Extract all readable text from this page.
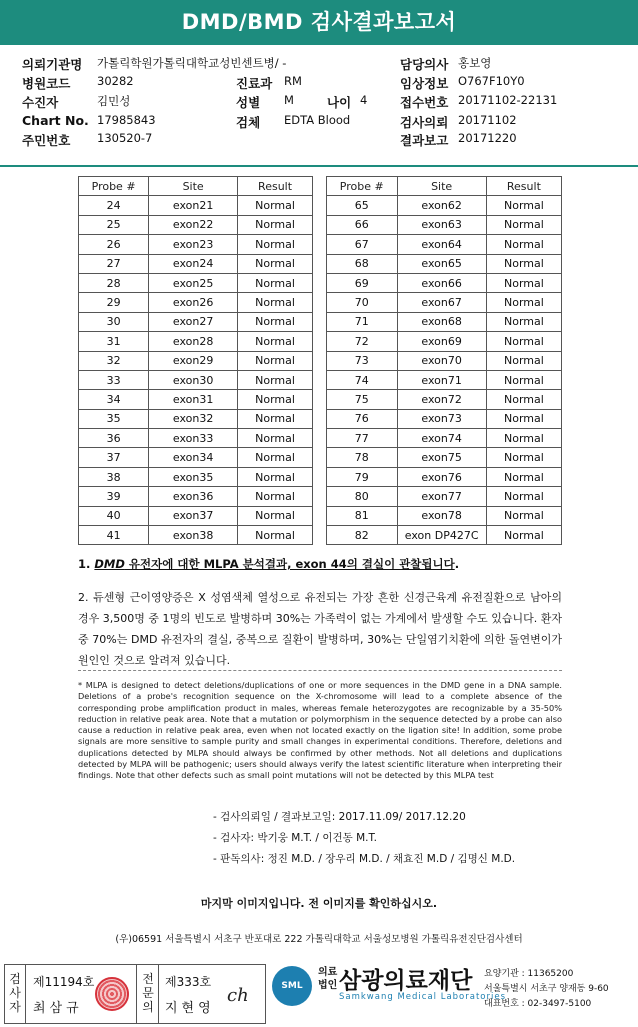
DMD/BMD 검사결과보고서
의뢰기관명 가톨릭학원가톨릭대학교성빈센트병/ -	담당의사 홍보영
병원코드 30282	진료과 RM	임상정보 O767F10Y0
수진자	김민성	성별 M	나이 4	접수번호 20171102-22131
Chart No. 17985843	검체 EDTA Blood	검사의뢰 20171102
주민번호 130520-7	결과보고 20171220
Probe #	Site	Result
24	exon21	Normal
25	exon22	Normal
26	exon23	Normal
27	exon24	Normal
28	exon25	Normal
29	exon26	Normal
30	exon27	Normal
31	exon28	Normal
32	exon29	Normal
33	exon30	Normal
34	exon31	Normal
35	exon32	Normal
36	exon33	Normal
37	exon34	Normal
38	exon35	Normal
39	exon36	Normal
40	exon37	Normal
41	exon38	Normal
Probe #	Site	Result
65	exon62	Normal
66	exon63	Normal
67	exon64	Normal
68	exon65	Normal
69	exon66	Normal
70	exon67	Normal
71	exon68	Normal
72	exon69	Normal
73	exon70	Normal
74	exon71	Normal
75	exon72	Normal
76	exon73	Normal
77	exon74	Normal
78	exon75	Normal
79	exon76	Normal
80	exon77	Normal
81	exon78	Normal
82	exon DP427C	Normal
1. DMD 유전자에 대한 MLPA 분석결과, exon 44의 결실이 관찰됩니다.
2. 듀센형 근이영양증은 X 성염색체 열성으로 유전되는 가장 흔한 신경근육계 유전질환으로 남아의 경우 3,500명 중 1명의 빈도로 발병하며 30%는 가족력이 없는 가계에서 발생할 수도 있습니다. 환자 중 70%는 DMD 유전자의 결실, 중복으로 질환이 발병하며, 30%는 단일염기치환에 의한 돌연변이가 원인인 것으로 알려져 있습니다.
* MLPA is designed to detect deletions/duplications of one or more sequences in the DMD gene in a DNA sample. Deletions of a probe's recognition sequence on the X-chromosome will lead to a complete absence of the corresponding probe amplification product in males, whereas female heterozygotes are recognizable by a 35-50% reduction in relative peak area. Note that a mutation or polymorphism in the sequence detected by a probe can also cause a reduction in relative peak area, even when not located exactly on the ligation site! In addition, some probe signals are more sensitive to sample purity and small changes in experimental conditions. Therefore, deletions and duplications detected by MLPA should always be confirmed by other methods. Not all deletions and duplications detected by MLPA will be pathogenic; users should always verify the latest scientific literature when interpreting their findings. Note that other defects such as small point mutations will not be detected by this MLPA test
- 검사의뢰일 / 결과보고일: 2017.11.09/ 2017.12.20
- 검사자: 박기웅 M.T. / 이건동 M.T.
- 판독의사: 정진 M.D. / 장우리 M.D. / 채효진 M.D / 김명신 M.D.
마지막 이미지입니다. 전 이미지를 확인하십시오.
(우)06591 서울특별시 서초구 반포대로 222 가톨릭대학교 서울성모병원 가톨릭유전진단검사센터
검
사
자
제11194호
최삼규
전
문
의
제333호
지현영
ch	SML
의료
법인 삼광의료재단
Samkwang Medical Laboratories
요양기관 : 11365200
서울특별시 서초구 양재동 9-60
대표번호 : 02-3497-5100
